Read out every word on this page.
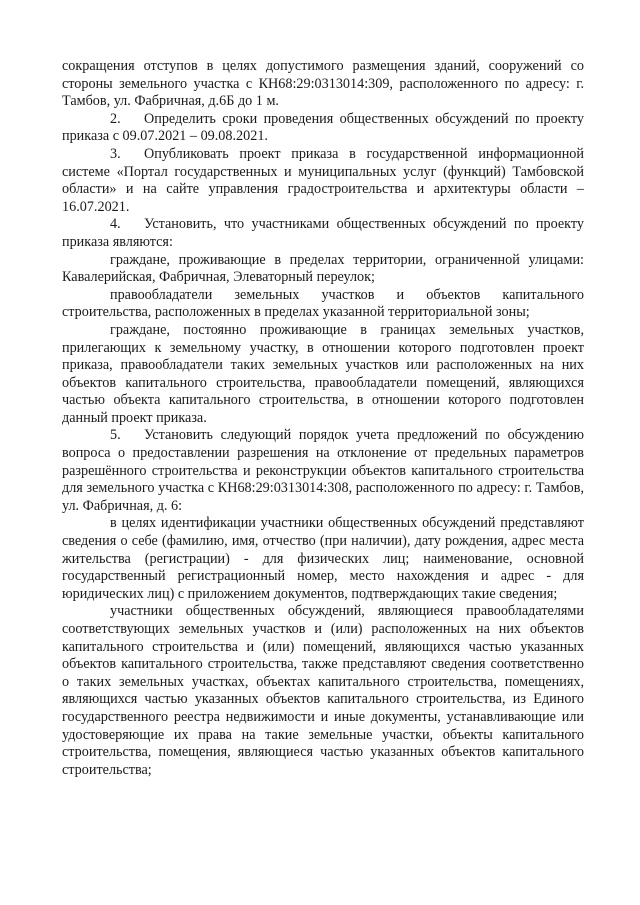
сокращения отступов в целях допустимого размещения зданий, сооружений со стороны земельного участка с КН68:29:0313014:309, расположенного по адресу: г. Тамбов, ул. Фабричная, д.6Б до 1 м.

2. Определить сроки проведения общественных обсуждений по проекту приказа с 09.07.2021 – 09.08.2021.

3. Опубликовать проект приказа в государственной информационной системе «Портал государственных и муниципальных услуг (функций) Тамбовской области» и на сайте управления градостроительства и архитектуры области – 16.07.2021.

4. Установить, что участниками общественных обсуждений по проекту приказа являются:

граждане, проживающие в пределах территории, ограниченной улицами: Кавалерийская, Фабричная, Элеваторный переулок;

правообладатели земельных участков и объектов капитального строительства, расположенных в пределах указанной территориальной зоны;

граждане, постоянно проживающие в границах земельных участков, прилегающих к земельному участку, в отношении которого подготовлен проект приказа, правообладатели таких земельных участков или расположенных на них объектов капитального строительства, правообладатели помещений, являющихся частью объекта капитального строительства, в отношении которого подготовлен данный проект приказа.

5. Установить следующий порядок учета предложений по обсуждению вопроса о предоставлении разрешения на отклонение от предельных параметров разрешённого строительства и реконструкции объектов капитального строительства для земельного участка с КН68:29:0313014:308, расположенного по адресу: г. Тамбов, ул. Фабричная, д. 6:

в целях идентификации участники общественных обсуждений представляют сведения о себе (фамилию, имя, отчество (при наличии), дату рождения, адрес места жительства (регистрации) - для физических лиц; наименование, основной государственный регистрационный номер, место нахождения и адрес - для юридических лиц) с приложением документов, подтверждающих такие сведения;

участники общественных обсуждений, являющиеся правообладателями соответствующих земельных участков и (или) расположенных на них объектов капитального строительства и (или) помещений, являющихся частью указанных объектов капитального строительства, также представляют сведения соответственно о таких земельных участках, объектах капитального строительства, помещениях, являющихся частью указанных объектов капитального строительства, из Единого государственного реестра недвижимости и иные документы, устанавливающие или удостоверяющие их права на такие земельные участки, объекты капитального строительства, помещения, являющиеся частью указанных объектов капитального строительства;
